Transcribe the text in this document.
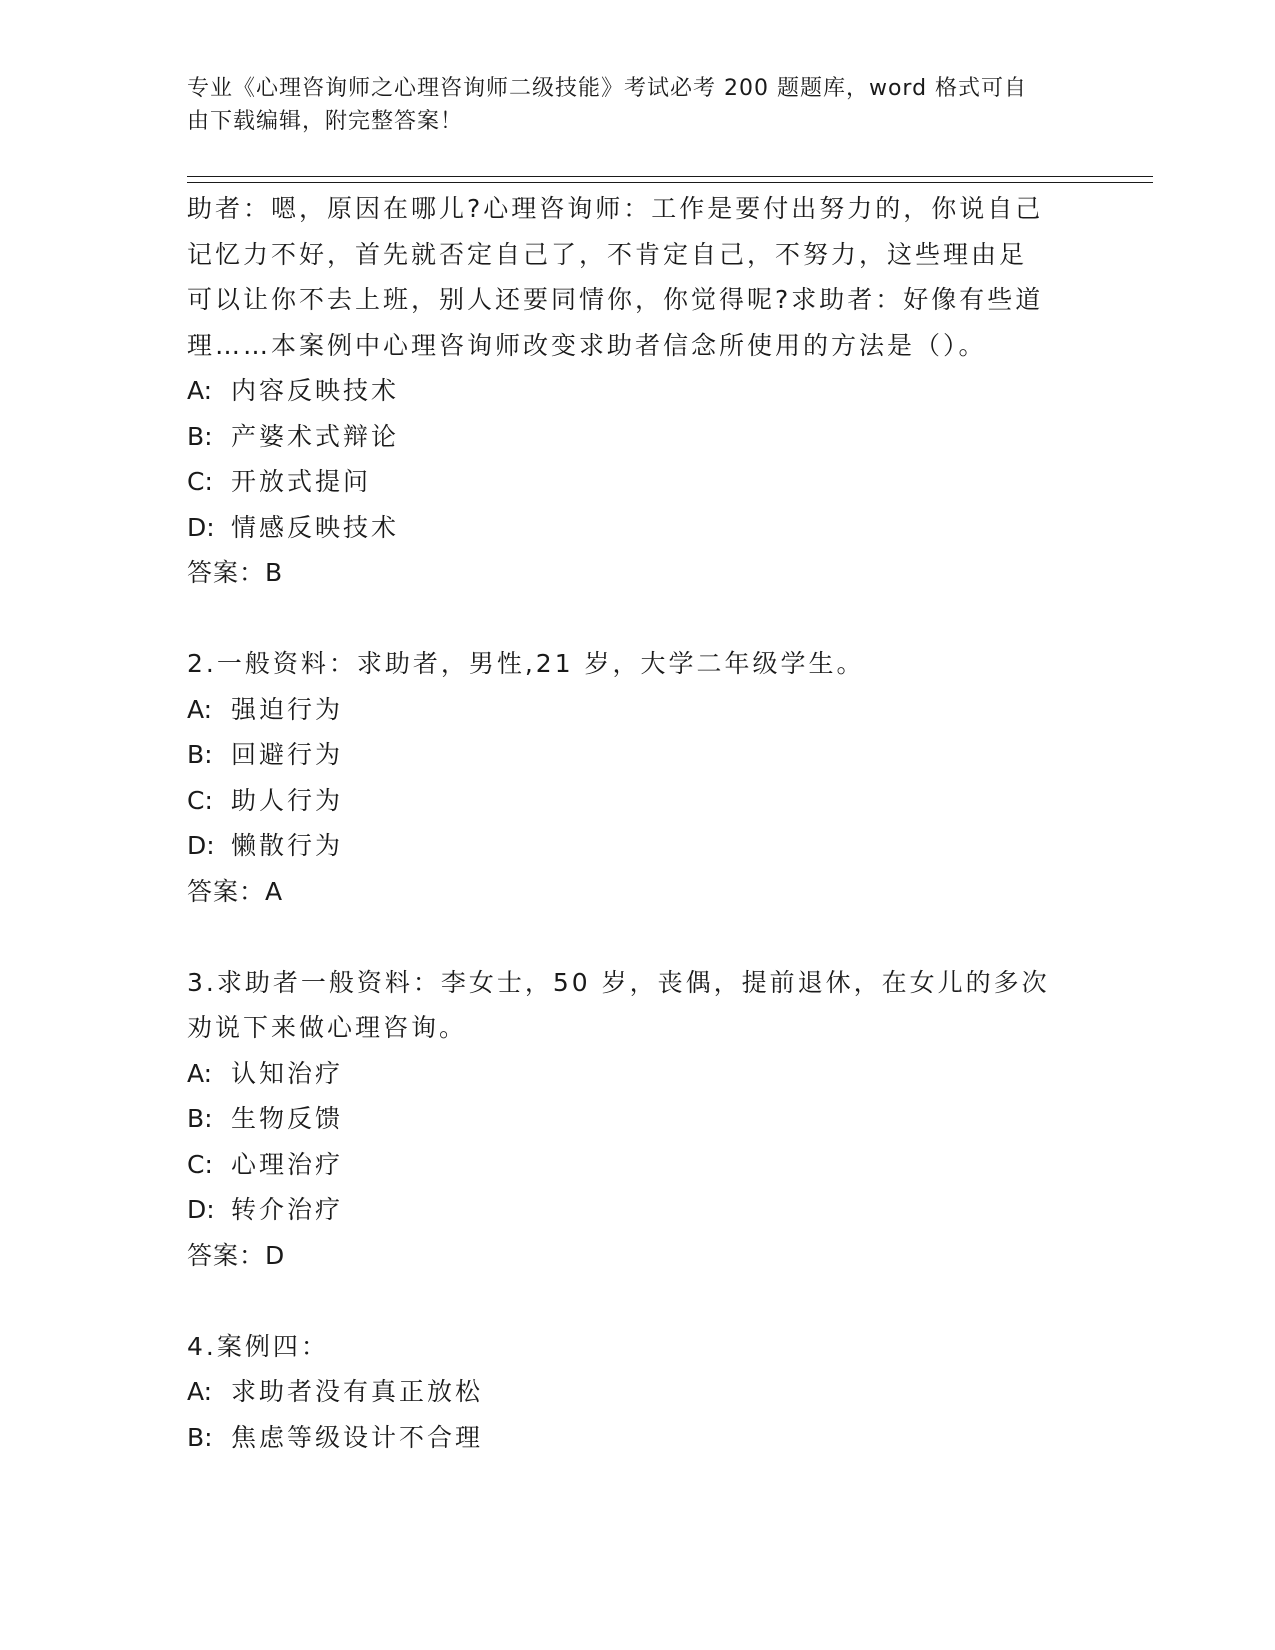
专业《心理咨询师之心理咨询师二级技能》考试必考 200 题题库，word 格式可自
由下载编辑，附完整答案！
助者：嗯，原因在哪儿?心理咨询师：工作是要付出努力的，你说自己
记忆力不好，首先就否定自己了，不肯定自己，不努力，这些理由足
可以让你不去上班，别人还要同情你，你觉得呢?求助者：好像有些道
理……本案例中心理咨询师改变求助者信念所使用的方法是（）。
A: 内容反映技术
B: 产婆术式辩论
C: 开放式提问
D: 情感反映技术
答案：B
2.一般资料：求助者，男性,21 岁，大学二年级学生。
A: 强迫行为
B: 回避行为
C: 助人行为
D: 懒散行为
答案：A
3.求助者一般资料：李女士，50 岁，丧偶，提前退休，在女儿的多次
劝说下来做心理咨询。
A: 认知治疗
B: 生物反馈
C: 心理治疗
D: 转介治疗
答案：D
4.案例四：
A: 求助者没有真正放松
B: 焦虑等级设计不合理
